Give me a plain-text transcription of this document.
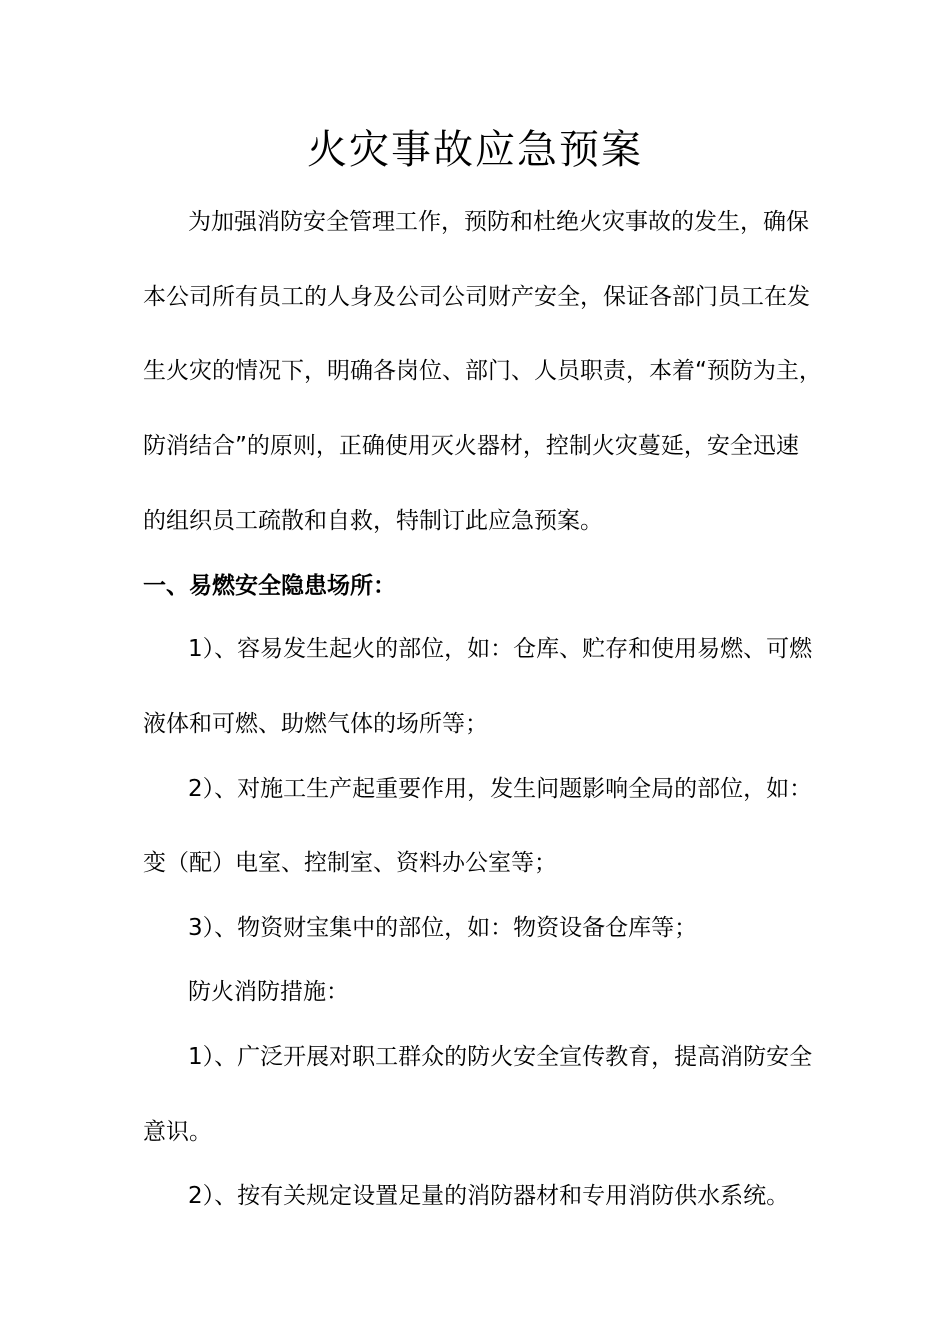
火灾事故应急预案
为加强消防安全管理工作，预防和杜绝火灾事故的发生，确保
本公司所有员工的人身及公司公司财产安全，保证各部门员工在发
生火灾的情况下，明确各岗位、部门、人员职责，本着“预防为主，
防消结合”的原则，正确使用灭火器材，控制火灾蔓延，安全迅速
的组织员工疏散和自救，特制订此应急预案。
一、易燃安全隐患场所：
1）、容易发生起火的部位，如：仓库、贮存和使用易燃、可燃
液体和可燃、助燃气体的场所等；
2）、对施工生产起重要作用，发生问题影响全局的部位，如：
变（配）电室、控制室、资料办公室等；
3）、物资财宝集中的部位，如：物资设备仓库等；
防火消防措施：
1）、广泛开展对职工群众的防火安全宣传教育，提高消防安全
意识。
2）、按有关规定设置足量的消防器材和专用消防供水系统。
